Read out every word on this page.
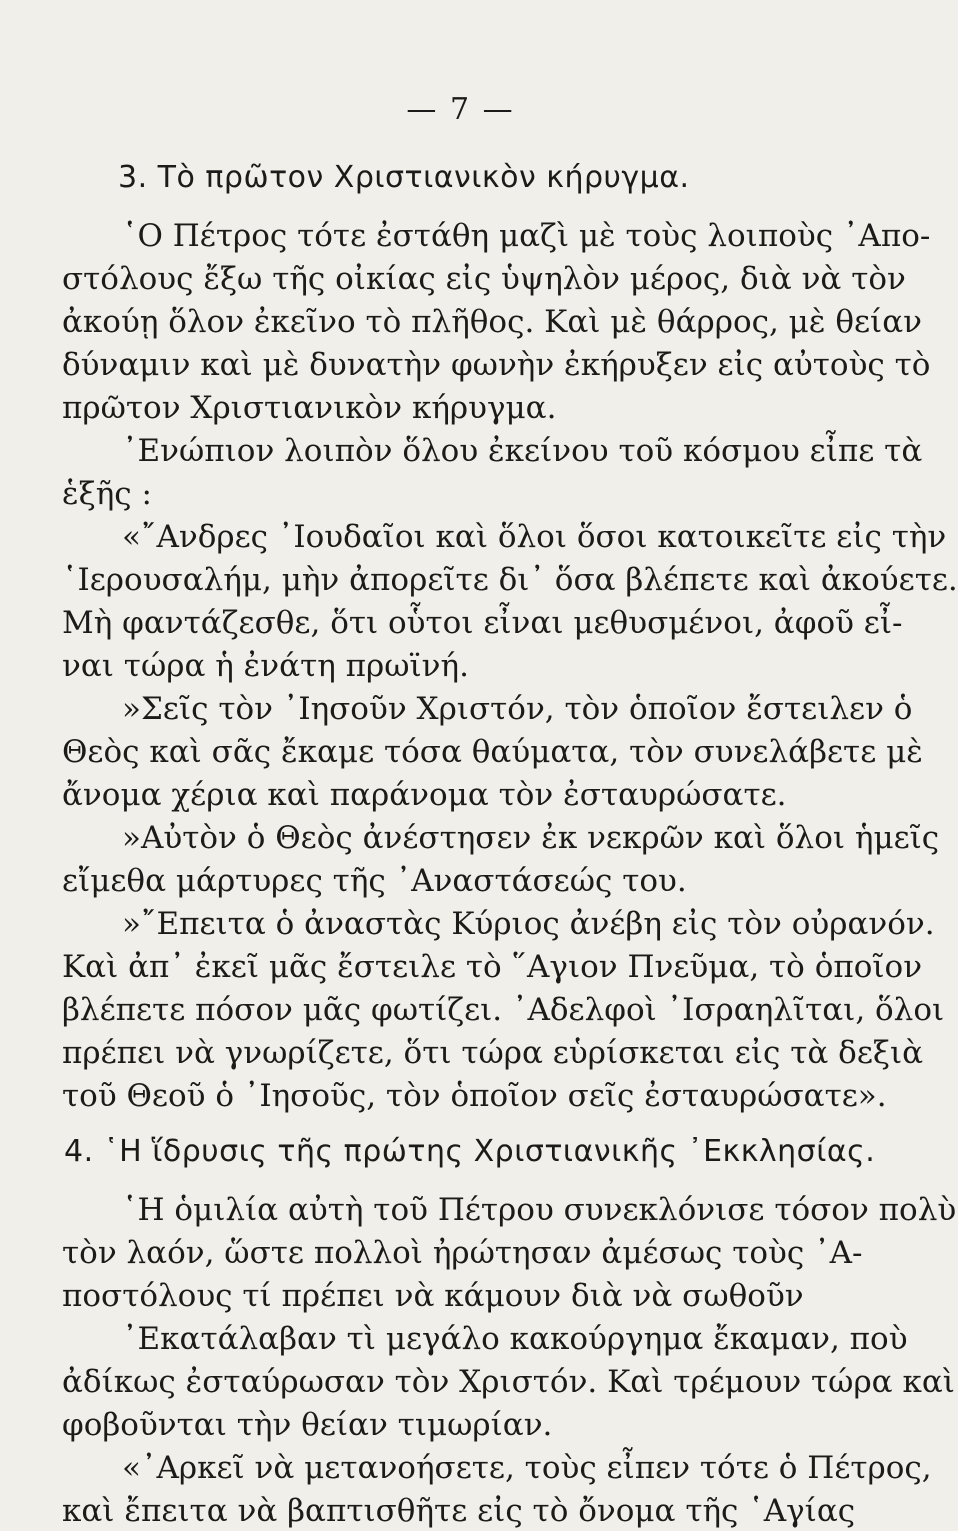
— 7 —
3. Τὸ πρῶτον Χριστιανικὸν κήρυγμα.
῾Ο Πέτρος τότε ἐστάθη μαζὶ μὲ τοὺς λοιποὺς ᾿Απο-
στόλους ἔξω τῆς οἰκίας εἰς ὑψηλὸν μέρος, διὰ νὰ τὸν
ἀκούῃ ὅλον ἐκεῖνο τὸ πλῆθος. Καὶ μὲ θάρρος, μὲ θείαν
δύναμιν καὶ μὲ δυνατὴν φωνὴν ἐκήρυξεν εἰς αὐτοὺς τὸ
πρῶτον Χριστιανικὸν κήρυγμα.
᾿Ενώπιον λοιπὸν ὅλου ἐκείνου τοῦ κόσμου εἶπε τὰ
ἑξῆς :
«῎Ανδρες ᾿Ιουδαῖοι καὶ ὅλοι ὅσοι κατοικεῖτε εἰς τὴν
῾Ιερουσαλήμ, μὴν ἀπορεῖτε δι᾿ ὅσα βλέπετε καὶ ἀκούετε.
Μὴ φαντάζεσθε, ὅτι οὗτοι εἶναι μεθυσμένοι, ἀφοῦ εἶ-
ναι τώρα ἡ ἐνάτη πρωϊνή.
»Σεῖς τὸν ᾿Ιησοῦν Χριστόν, τὸν ὁποῖον ἔστειλεν ὁ
Θεὸς καὶ σᾶς ἔκαμε τόσα θαύματα, τὸν συνελάβετε μὲ
ἄνομα χέρια καὶ παράνομα τὸν ἐσταυρώσατε.
»Αὐτὸν ὁ Θεὸς ἀνέστησεν ἐκ νεκρῶν καὶ ὅλοι ἡμεῖς
εἴμεθα μάρτυρες τῆς ᾿Αναστάσεώς του.
»῎Επειτα ὁ ἀναστὰς Κύριος ἀνέβη εἰς τὸν οὐρανόν.
Καὶ ἀπ᾿ ἐκεῖ μᾶς ἔστειλε τὸ ῞Αγιον Πνεῦμα, τὸ ὁποῖον
βλέπετε πόσον μᾶς φωτίζει. ᾿Αδελφοὶ ᾿Ισραηλῖται, ὅλοι
πρέπει νὰ γνωρίζετε, ὅτι τώρα εὑρίσκεται εἰς τὰ δεξιὰ
τοῦ Θεοῦ ὁ ᾿Ιησοῦς, τὸν ὁποῖον σεῖς ἐσταυρώσατε».
4. ῾Η ἵδρυσις τῆς πρώτης Χριστιανικῆς ᾿Εκκλησίας.
῾Η ὁμιλία αὐτὴ τοῦ Πέτρου συνεκλόνισε τόσον πολὺ
τὸν λαόν, ὥστε πολλοὶ ἠρώτησαν ἀμέσως τοὺς ᾿Α-
ποστόλους τί πρέπει νὰ κάμουν διὰ νὰ σωθοῦν
᾿Εκατάλαβαν τὶ μεγάλο κακούργημα ἔκαμαν, ποὺ
ἀδίκως ἐσταύρωσαν τὸν Χριστόν. Καὶ τρέμουν τώρα καὶ
φοβοῦνται τὴν θείαν τιμωρίαν.
«᾿Αρκεῖ νὰ μετανοήσετε, τοὺς εἶπεν τότε ὁ Πέτρος,
καὶ ἔπειτα νὰ βαπτισθῆτε εἰς τὸ ὄνομα τῆς ῾Αγίας
